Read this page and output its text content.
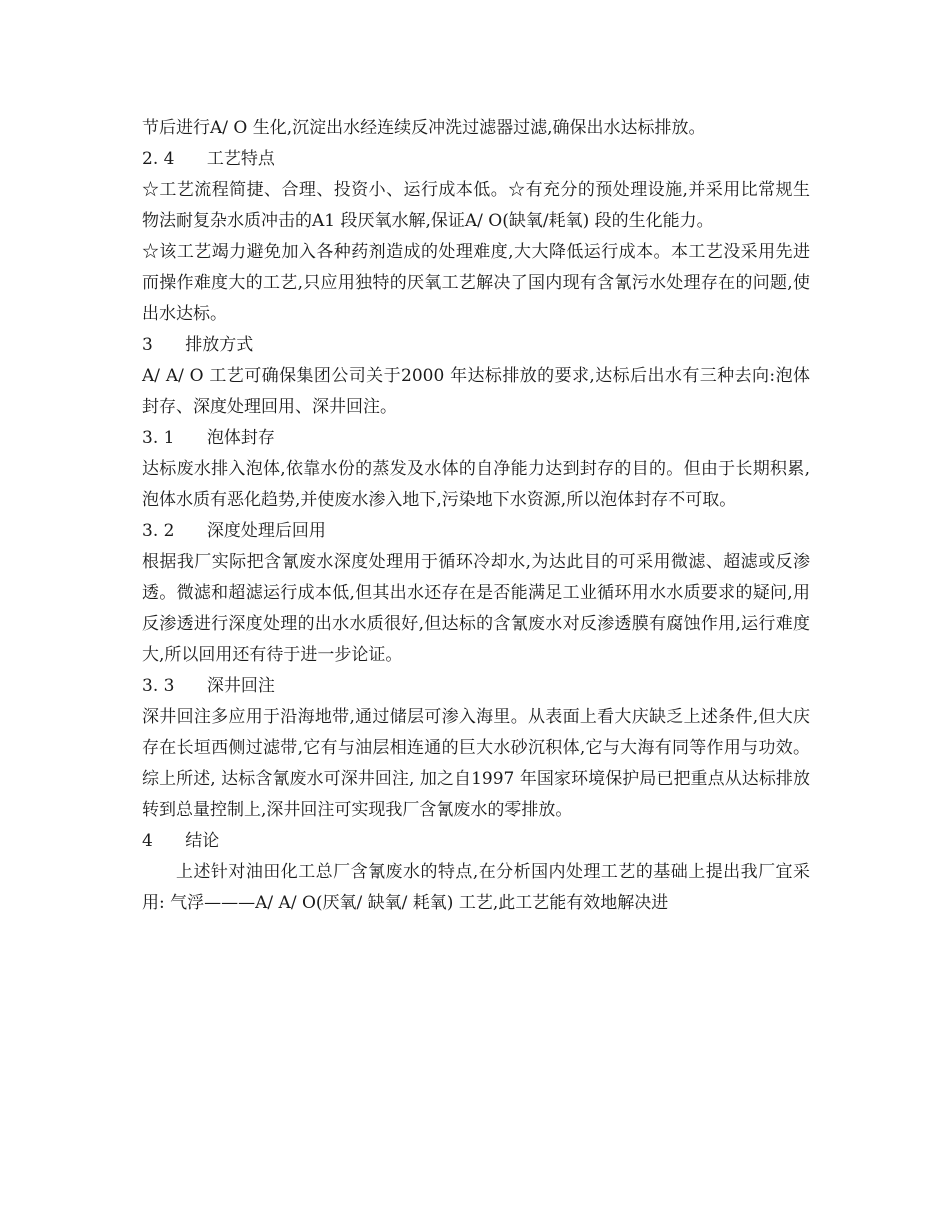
节后进行A/ O 生化,沉淀出水经连续反冲洗过滤器过滤,确保出水达标排放。

2. 4 工艺特点

☆工艺流程简捷、合理、投资小、运行成本低。☆有充分的预处理设施,并采用比常规生物法耐复杂水质冲击的A1 段厌氧水解,保证A/ O(缺氧/耗氧) 段的生化能力。

☆该工艺竭力避免加入各种药剂造成的处理难度,大大降低运行成本。本工艺没采用先进而操作难度大的工艺,只应用独特的厌氧工艺解决了国内现有含氰污水处理存在的问题,使出水达标。

3 排放方式

A/ A/ O 工艺可确保集团公司关于2000 年达标排放的要求,达标后出水有三种去向:泡体封存、深度处理回用、深井回注。

3. 1 泡体封存

达标废水排入泡体,依靠水份的蒸发及水体的自净能力达到封存的目的。但由于长期积累,泡体水质有恶化趋势,并使废水渗入地下,污染地下水资源,所以泡体封存不可取。

3. 2 深度处理后回用

根据我厂实际把含氰废水深度处理用于循环冷却水,为达此目的可采用微滤、超滤或反渗透。微滤和超滤运行成本低,但其出水还存在是否能满足工业循环用水水质要求的疑问,用反渗透进行深度处理的出水水质很好,但达标的含氰废水对反渗透膜有腐蚀作用,运行难度大,所以回用还有待于进一步论证。

3. 3 深井回注

深井回注多应用于沿海地带,通过储层可渗入海里。从表面上看大庆缺乏上述条件,但大庆存在长垣西侧过滤带,它有与油层相连通的巨大水砂沉积体,它与大海有同等作用与功效。综上所述, 达标含氰废水可深井回注, 加之自1997 年国家环境保护局已把重点从达标排放转到总量控制上,深井回注可实现我厂含氰废水的零排放。

4 结论

上述针对油田化工总厂含氰废水的特点,在分析国内处理工艺的基础上提出我厂宜采用: 气浮———A/ A/ O(厌氧/ 缺氧/ 耗氧) 工艺,此工艺能有效地解决进
